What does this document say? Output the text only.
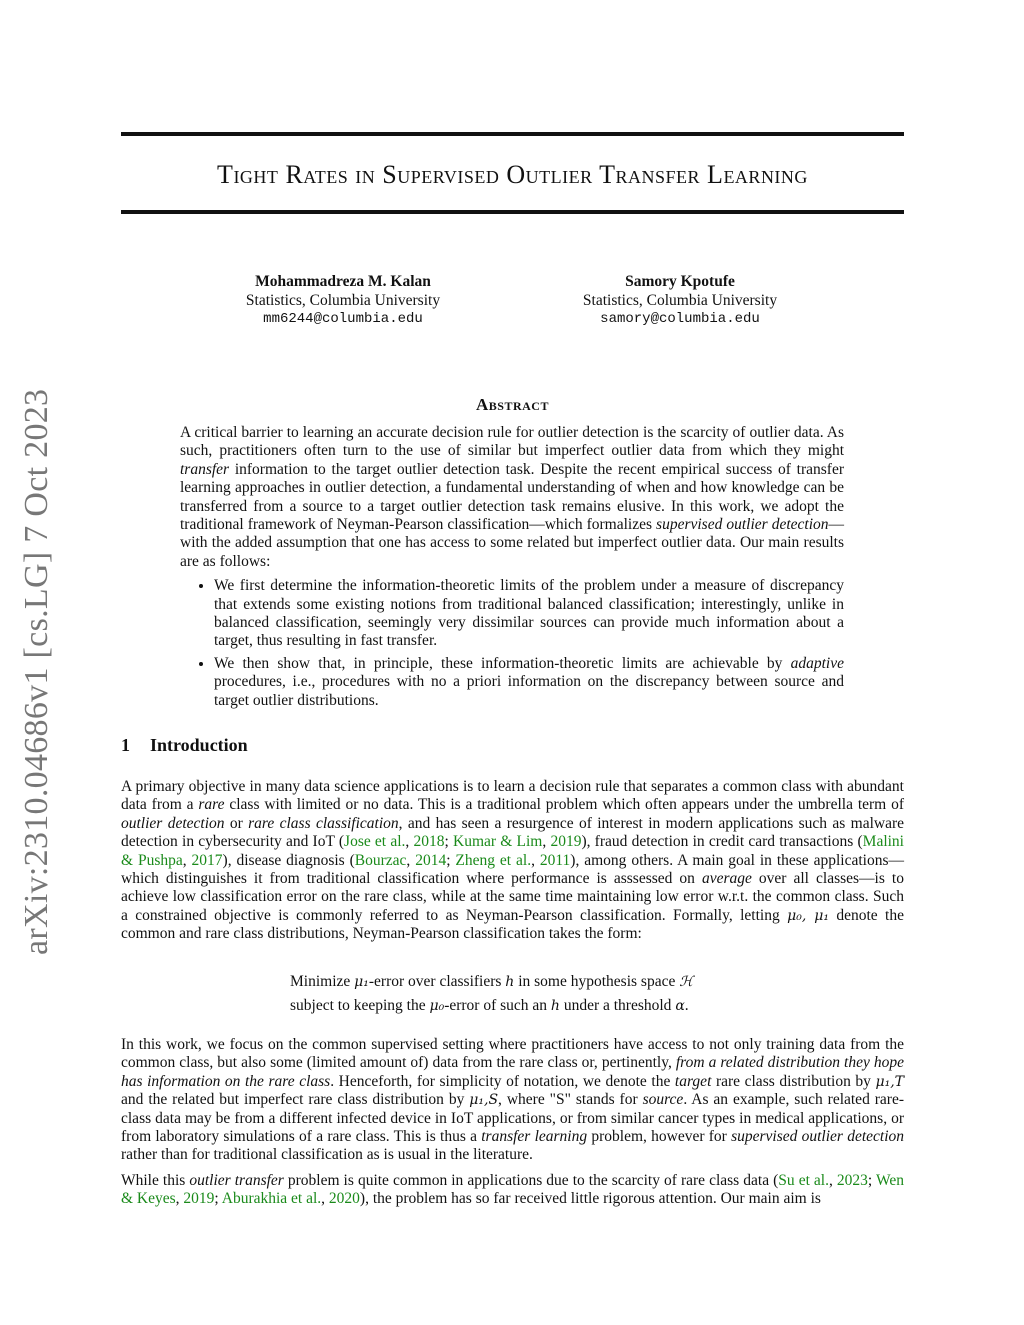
Tight Rates in Supervised Outlier Transfer Learning
Mohammadreza M. Kalan
Statistics, Columbia University
mm6244@columbia.edu
Samory Kpotufe
Statistics, Columbia University
samory@columbia.edu
arXiv:2310.04686v1 [cs.LG] 7 Oct 2023	Abstract

A critical barrier to learning an accurate decision rule for outlier detection is the scarcity of outlier data. As such, practitioners often turn to the use of similar but imperfect outlier data from which they might transfer information to the target outlier detection task. Despite the recent empirical success of transfer learning approaches in outlier detection, a fundamental understanding of when and how knowledge can be transferred from a source to a target outlier detection task remains elusive. In this work, we adopt the traditional framework of Neyman-Pearson classification—which formalizes supervised outlier detection—with the added assumption that one has access to some related but imperfect outlier data. Our main results are as follows:

• We first determine the information-theoretic limits of the problem under a measure of discrepancy that extends some existing notions from traditional balanced classification; interestingly, unlike in balanced classification, seemingly very dissimilar sources can provide much information about a target, thus resulting in fast transfer.
• We then show that, in principle, these information-theoretic limits are achievable by adaptive procedures, i.e., procedures with no a priori information on the discrepancy between source and target outlier distributions.
1 Introduction

A primary objective in many data science applications is to learn a decision rule that separates a common class with abundant data from a rare class with limited or no data. This is a traditional problem which often appears under the umbrella term of outlier detection or rare class classification, and has seen a resurgence of interest in modern applications such as malware detection in cybersecurity and IoT (Jose et al., 2018; Kumar & Lim, 2019), fraud detection in credit card transactions (Malini & Pushpa, 2017), disease diagnosis (Bourzac, 2014; Zheng et al., 2011), among others. A main goal in these applications—which distinguishes it from traditional classification where performance is asssessed on average over all classes—is to achieve low classification error on the rare class, while at the same time maintaining low error w.r.t. the common class. Such a constrained objective is commonly referred to as Neyman-Pearson classification. Formally, letting μ₀, μ₁ denote the common and rare class distributions, Neyman-Pearson classification takes the form:

Minimize μ₁-error over classifiers h in some hypothesis space ℋ
subject to keeping the μ₀-error of such an h under a threshold α.

In this work, we focus on the common supervised setting where practitioners have access to not only training data from the common class, but also some (limited amount of) data from the rare class or, pertinently, from a related distribution they hope has information on the rare class. Henceforth, for simplicity of notation, we denote the target rare class distribution by μ₁,T and the related but imperfect rare class distribution by μ₁,S, where "S" stands for source. As an example, such related rare-class data may be from a different infected device in IoT applications, or from similar cancer types in medical applications, or from laboratory simulations of a rare class. This is thus a transfer learning problem, however for supervised outlier detection rather than for traditional classification as is usual in the literature.

While this outlier transfer problem is quite common in applications due to the scarcity of rare class data (Su et al., 2023; Wen & Keyes, 2019; Aburakhia et al., 2020), the problem has so far received little rigorous attention. Our main aim is
